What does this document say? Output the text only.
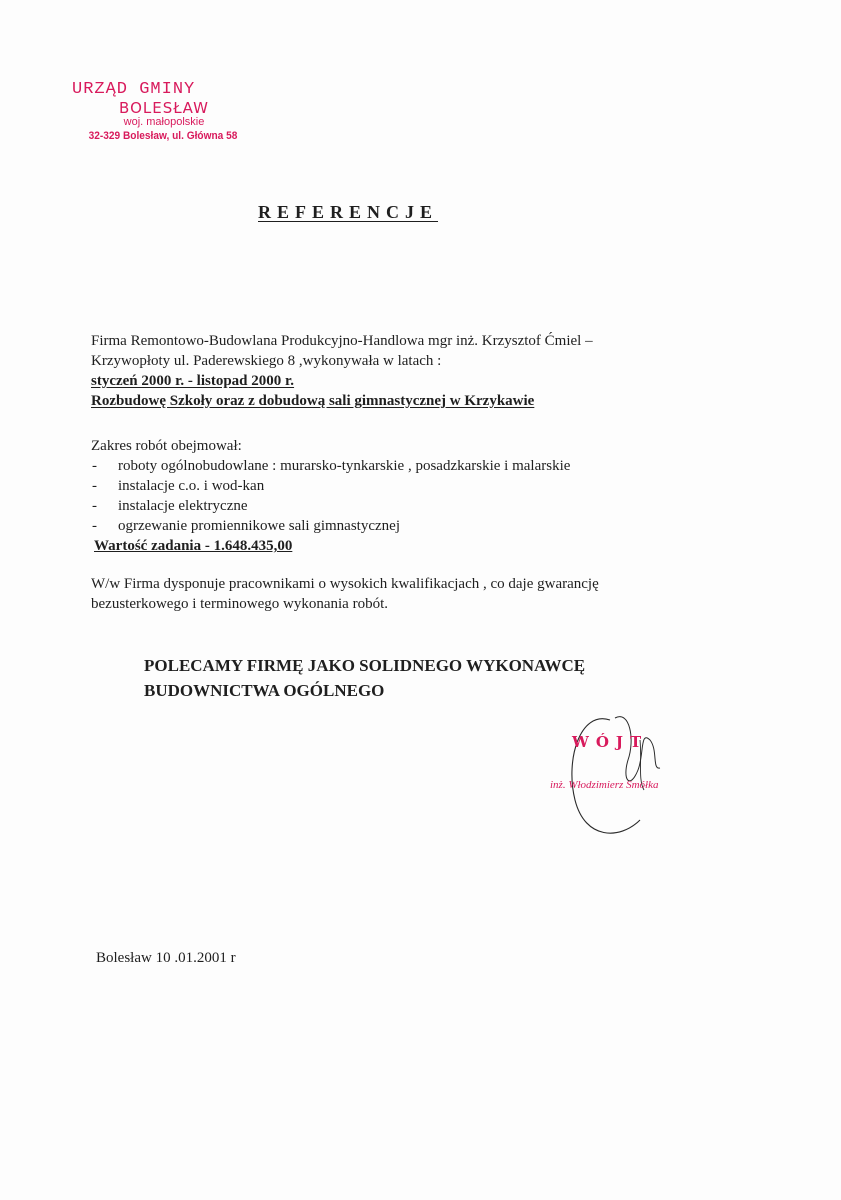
URZĄD GMINY
BOLESŁAW
woj. małopolskie
32-329 Bolesław, ul. Główna 58
REFERENCJE
Firma Remontowo-Budowlana Produkcyjno-Handlowa mgr inż. Krzysztof Ćmiel –
Krzywopłoty ul. Paderewskiego 8 ,wykonywała w latach :
styczeń 2000 r. - listopad 2000 r.
Rozbudowę Szkoły oraz z dobudową sali gimnastycznej w Krzykawie
Zakres robót obejmował:
- roboty ogólnobudowlane : murarsko-tynkarskie , posadzkarskie i malarskie
- instalacje c.o. i wod-kan
- instalacje elektryczne
- ogrzewanie promiennikowe sali gimnastycznej
Wartość zadania - 1.648.435,00
W/w Firma dysponuje pracownikami o wysokich kwalifikacjach , co daje gwarancję
bezusterkowego i terminowego wykonania robót.
POLECAMY FIRMĘ JAKO SOLIDNEGO WYKONAWCĘ
BUDOWNICTWA OGÓLNEGO
WÓJT
inż. Włodzimierz Smółka
Bolesław 10 .01.2001 r
